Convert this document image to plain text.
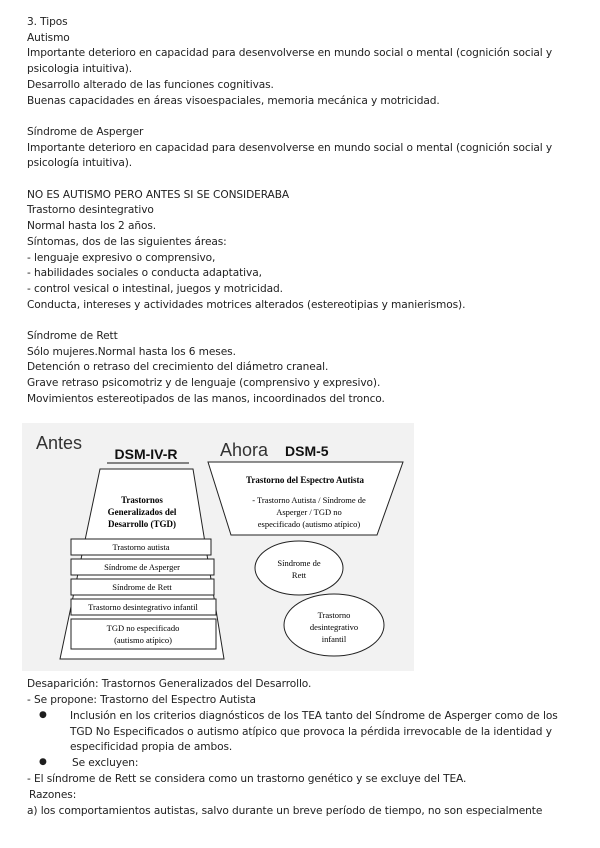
3. Tipos
Autismo
Importante deterioro en capacidad para desenvolverse en mundo social o mental (cognición social y
psicologia intuitiva).
Desarrollo alterado de las funciones cognitivas.
Buenas capacidades en áreas visoespaciales, memoria mecánica y motricidad.
Síndrome de Asperger
Importante deterioro en capacidad para desenvolverse en mundo social o mental (cognición social y
psicología intuitiva).
NO ES AUTISMO PERO ANTES SI SE CONSIDERABA
Trastorno desintegrativo
Normal hasta los 2 años.
Síntomas, dos de las siguientes áreas:
- lenguaje expresivo o comprensivo,
- habilidades sociales o conducta adaptativa,
- control vesical o intestinal, juegos y motricidad.
Conducta, intereses y actividades motrices alterados (estereotipias y manierismos).
Síndrome de Rett
Sólo mujeres.Normal hasta los 6 meses.
Detención o retraso del crecimiento del diámetro craneal.
Grave retraso psicomotriz y de lenguaje (comprensivo y expresivo).
Movimientos estereotipados de las manos, incoordinados del tronco.
Antes
DSM-IV-R Ahora DSM-5
Trastornos
Generalizados del
Desarrollo (TGD)
Trastorno autista
Síndrome de Asperger
Síndrome de Rett
Trastorno desintegrativo infantil
TGD no especificado
(autismo atípico)
Trastorno del Espectro Autista
- Trastorno Autista / Síndrome de
Asperger / TGD no
especificado (autismo atípico)
Síndrome de
Rett
Trastorno
desintegrativo
infantil
Desaparición: Trastornos Generalizados del Desarrollo.
- Se propone: Trastorno del Espectro Autista
● Inclusión en los criterios diagnósticos de los TEA tanto del Síndrome de Asperger como de los
TGD No Especificados o autismo atípico que provoca la pérdida irrevocable de la identidad y
especificidad propia de ambos.
● Se excluyen:
- El síndrome de Rett se considera como un trastorno genético y se excluye del TEA.
Razones:
a) los comportamientos autistas, salvo durante un breve período de tiempo, no son especialmente
